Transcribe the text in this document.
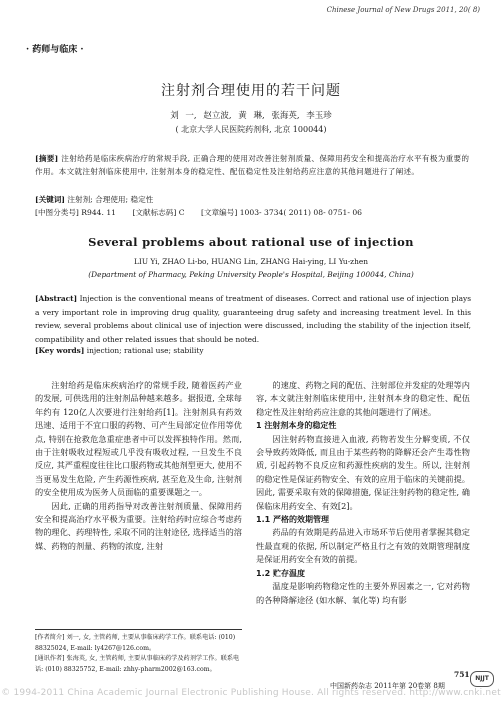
Chinese Journal of New Drugs 2011, 20( 8)
· 药师与临床 ·
注射剂合理使用的若干问题
刘 一, 赵立波, 黄 琳, 张海英, 李玉珍
( 北京大学人民医院药剂科, 北京 100044)
[摘要] 注射给药是临床疾病治疗的常规手段, 正确合理的使用对改善注射剂质量、保障用药安全和提高治疗水平有极为重要的作用。本文就注射剂临床使用中, 注射剂本身的稳定性、配伍稳定性及注射给药应注意的其他问题进行了阐述。
[关键词] 注射剂; 合理使用; 稳定性
[中图分类号] R944. 11 [文献标志码] C [文章编号] 1003- 3734( 2011) 08- 0751- 06
Several problems about rational use of injection
LIU Yi, ZHAO Li-bo, HUANG Lin, ZHANG Hai-ying, LI Yu-zhen
(Department of Pharmacy, Peking University People's Hospital, Beijing 100044, China)
[Abstract] Injection is the conventional means of treatment of diseases. Correct and rational use of injection plays a very important role in improving drug quality, guaranteeing drug safety and increasing treatment level. In this review, several problems about clinical use of injection were discussed, including the stability of the injection itself, compatibility and other related issues that should be noted.
[Key words] injection; rational use; stability

注射给药是临床疾病治疗的常规手段, 随着医药产业的发展, 可供选用的注射剂品种越来越多。据报道, 全球每年约有 120亿人次要进行注射给药[1]。注射剂具有药效迅速、适用于不宜口服的药物、可产生局部定位作用等优点, 特别在抢救危急重症患者中可以发挥独特作用。然而, 由于注射吸收过程短或几乎没有吸收过程, 一旦发生不良反应, 其严重程度往往比口服药物或其他剂型更大, 使用不当更易发生危险, 产生药源性疾病, 甚至危及生命, 注射剂的安全使用成为医务人员面临的重要课题之一。

因此, 正确的用药指导对改善注射剂质量、保障用药安全和提高治疗水平极为重要。注射给药时应综合考虑药物的理化、药理特性, 采取不同的注射途径, 选择适当的溶媒、药物的剂量、药物的浓度, 注射

的速度、药物之间的配伍、注射部位并发症的处理等内容, 本文就注射剂临床使用中, 注射剂本身的稳定性、配伍稳定性及注射给药应注意的其他问题进行了阐述。

1 注射剂本身的稳定性

因注射药物直接进入血液, 药物若发生分解变质, 不仅会导致药效降低, 而且由于某些药物的降解还会产生毒性物质, 引起药物不良反应和药源性疾病的发生。所以, 注射剂的稳定性是保证药物安全、有效的应用于临床的关键前提。因此, 需要采取有效的保障措施, 保证注射药物的稳定性, 确保临床用药安全、有效[2]。

1.1 严格的效期管理

药品的有效期是药品进入市场环节后使用者掌握其稳定性最直观的依据, 所以制定严格且行之有效的效期管理制度是保证用药安全有效的前提。

1.2 贮存温度

温度是影响药物稳定性的主要外界因素之一, 它对药物的各种降解途径 (如水解、氧化等) 均有影

[作者简介] 刘一, 女, 主管药师, 主要从事临床药学工作。联系电话: (010) 88325024, E-mail: ly4267@126.com。
[通讯作者] 张海英, 女, 主管药师, 主要从事临床药学及药剂学工作。联系电话: (010) 88325752, E-mail: zhhy-pharm2002@163.com。
751 NJJT
中国新药杂志 2011年第 20卷第 8期
© 1994-2011 China Academic Journal Electronic Publishing House. All rights reserved. http://www.cnki.net
